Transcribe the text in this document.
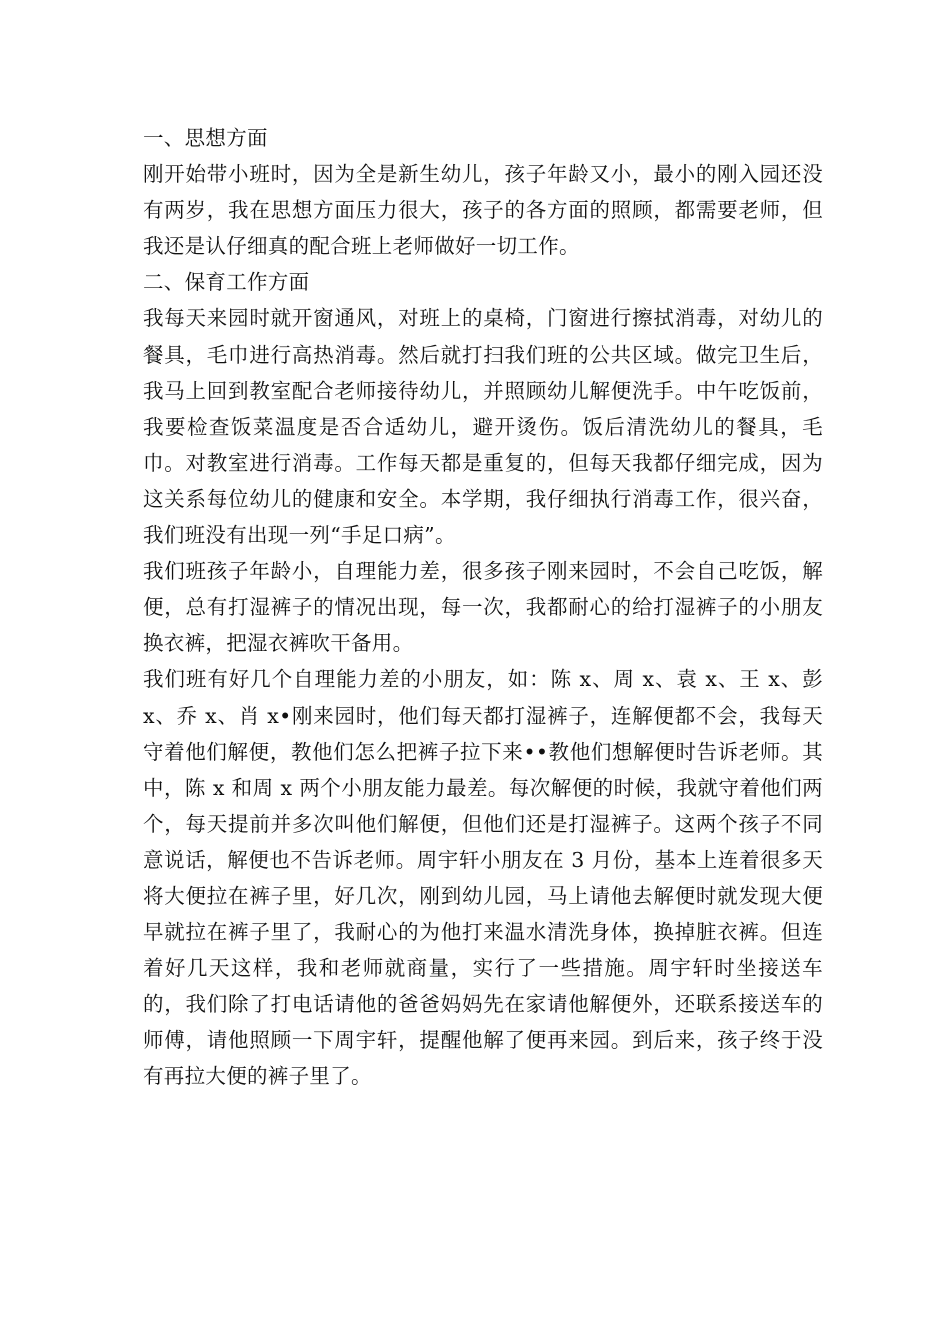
一、思想方面

刚开始带小班时，因为全是新生幼儿，孩子年龄又小，最小的刚入园还没有两岁，我在思想方面压力很大，孩子的各方面的照顾，都需要老师，但我还是认仔细真的配合班上老师做好一切工作。

二、保育工作方面

我每天来园时就开窗通风，对班上的桌椅，门窗进行擦拭消毒，对幼儿的餐具，毛巾进行高热消毒。然后就打扫我们班的公共区域。做完卫生后，我马上回到教室配合老师接待幼儿，并照顾幼儿解便洗手。中午吃饭前，我要检查饭菜温度是否合适幼儿，避开烫伤。饭后清洗幼儿的餐具，毛巾。对教室进行消毒。工作每天都是重复的，但每天我都仔细完成，因为这关系每位幼儿的健康和安全。本学期，我仔细执行消毒工作，很兴奋，我们班没有出现一列“手足口病”。

我们班孩子年龄小，自理能力差，很多孩子刚来园时，不会自己吃饭，解便，总有打湿裤子的情况出现，每一次，我都耐心的给打湿裤子的小朋友换衣裤，把湿衣裤吹干备用。

我们班有好几个自理能力差的小朋友，如：陈 x、周 x、袁 x、王 x、彭 x、乔 x、肖 x•刚来园时，他们每天都打湿裤子，连解便都不会，我每天守着他们解便，教他们怎么把裤子拉下来••教他们想解便时告诉老师。其中，陈 x 和周 x 两个小朋友能力最差。每次解便的时候，我就守着他们两个，每天提前并多次叫他们解便，但他们还是打湿裤子。这两个孩子不同意说话，解便也不告诉老师。周宇轩小朋友在 3 月份，基本上连着很多天将大便拉在裤子里，好几次，刚到幼儿园，马上请他去解便时就发现大便早就拉在裤子里了，我耐心的为他打来温水清洗身体，换掉脏衣裤。但连着好几天这样，我和老师就商量，实行了一些措施。周宇轩时坐接送车的，我们除了打电话请他的爸爸妈妈先在家请他解便外，还联系接送车的师傅，请他照顾一下周宇轩，提醒他解了便再来园。到后来，孩子终于没有再拉大便的裤子里了。
